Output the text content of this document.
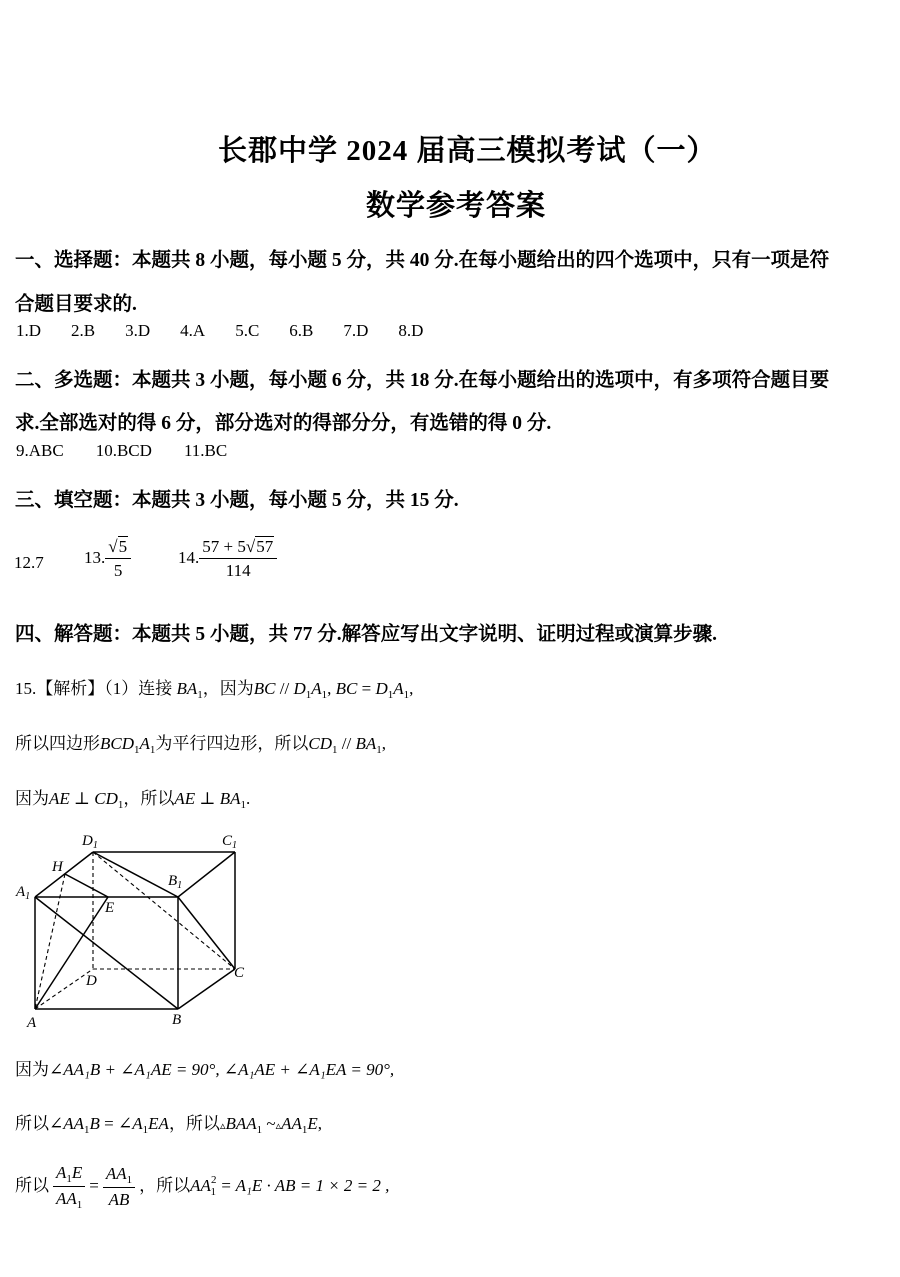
长郡中学 2024 届高三模拟考试（一）
数学参考答案
一、选择题：本题共 8 小题，每小题 5 分，共 40 分.在每小题给出的四个选项中，只有一项是符
合题目要求的.
1.D 2.B 3.D 4.A 5.C 6.B 7.D 8.D
二、多选题：本题共 3 小题，每小题 6 分，共 18 分.在每小题给出的选项中，有多项符合题目要
求.全部选对的得 6 分，部分选对的得部分分，有选错的得 0 分.
9.ABC 10.BCD 11.BC
三、填空题：本题共 3 小题，每小题 5 分，共 15 分.
12.7 13. $\frac{√5}{5}$	14. $\frac{57 + 5√57}{114}$
四、解答题：本题共 5 小题，共 77 分.解答应写出文字说明、证明过程或演算步骤.
15.【解析】（1）连接 $BA_1$，因为BC // $D_1A_1$, BC = $D_1A_1$,
所以四边形$BCD_1A_1$为平行四边形，所以$CD_1 // BA_1$,
因为AE ⊥ $CD_1$，所以AE ⊥ $BA_1$.
$D_1$	$C_1$
H
$B_1$
$A_1$
E
D	C
A	B
因为∠AA₁B + ∠A₁AE = 90°, ∠A₁AE + ∠A₁EA = 90°,
所以$\angle AA_1B$ = $\angle A_1EA$，所以$▵BAA_1$ $\sim▵AA_1E$,
所以 $\frac{A_1E}{AA_1} = \frac{AA_1}{AB}$ ，所以$AA^2_1 = A_1E$ · AB = 1 × 2 = 2 ,
